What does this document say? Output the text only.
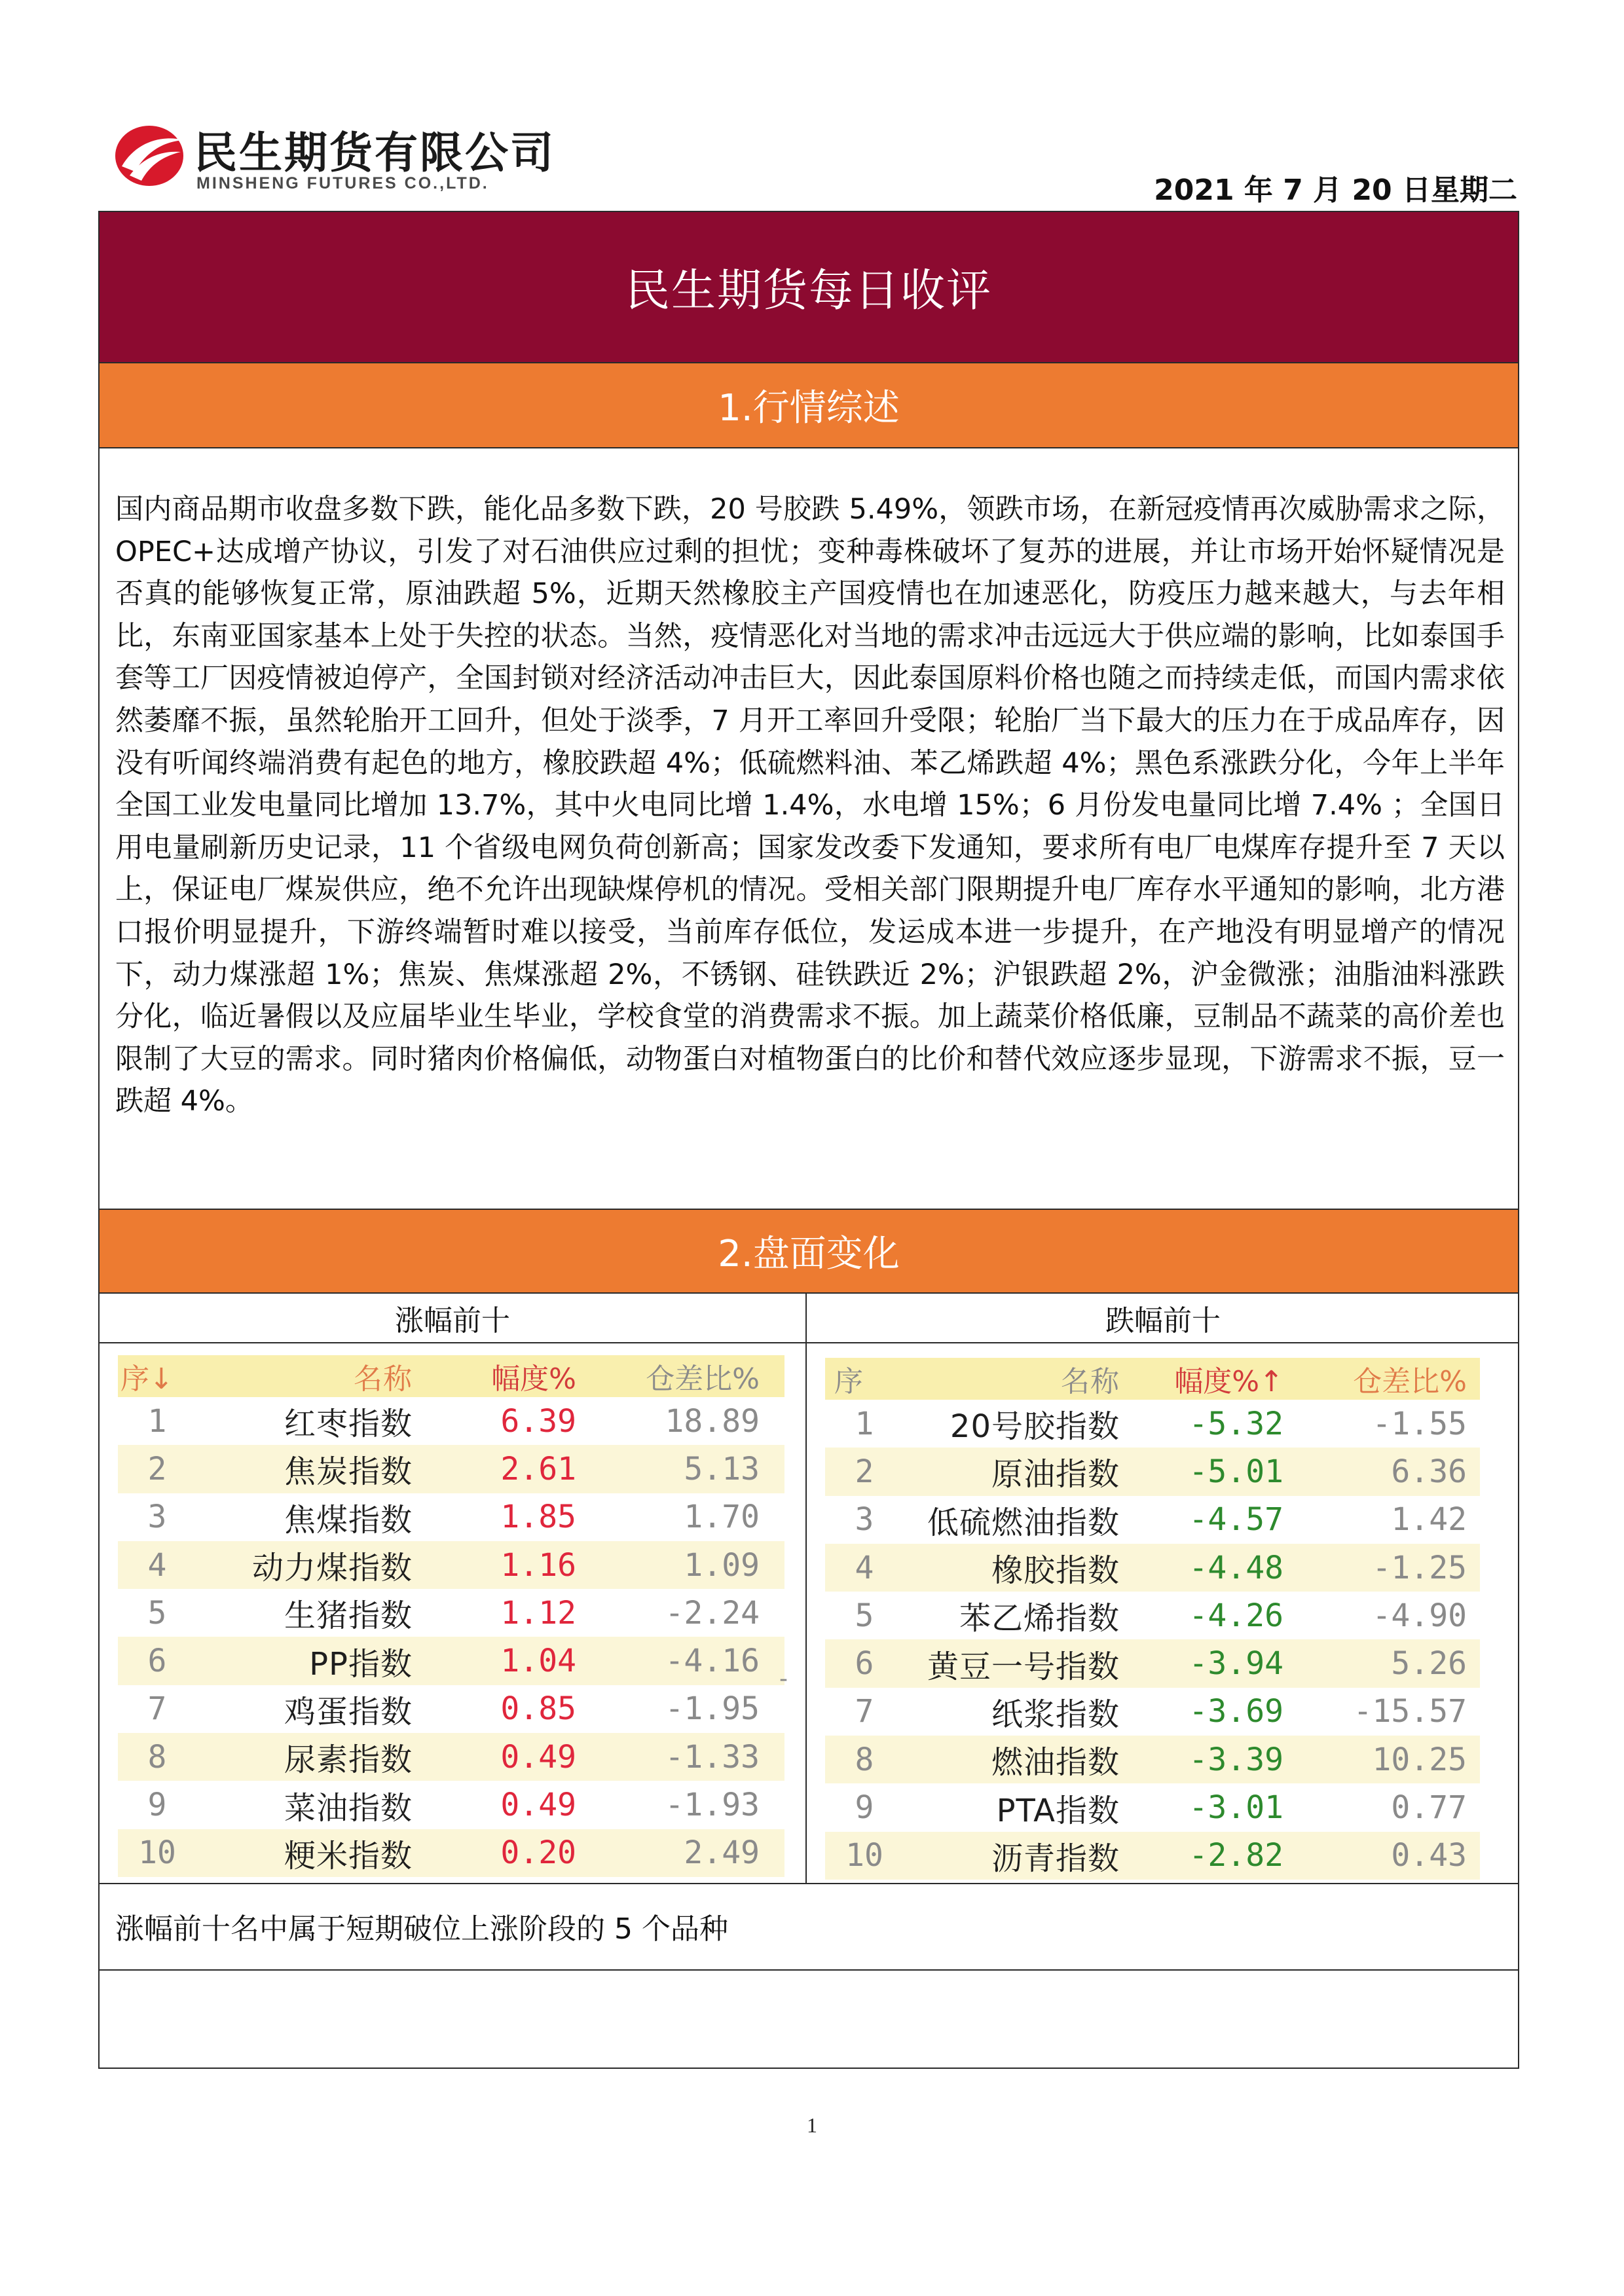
民生期货有限公司
MINSHENG FUTURES CO.,LTD.	2021 年 7 月 20 日星期二
民生期货每日收评
1.行情综述
国内商品期市收盘多数下跌，能化品多数下跌，20 号胶跌 5.49%，领跌市场，在新冠疫情再次威胁需求之际，OPEC+达成增产协议，引发了对石油供应过剩的担忧；变种毒株破坏了复苏的进展，并让市场开始怀疑情况是否真的能够恢复正常，原油跌超 5%，近期天然橡胶主产国疫情也在加速恶化，防疫压力越来越大，与去年相比，东南亚国家基本上处于失控的状态。当然，疫情恶化对当地的需求冲击远远大于供应端的影响，比如泰国手套等工厂因疫情被迫停产，全国封锁对经济活动冲击巨大，因此泰国原料价格也随之而持续走低，而国内需求依然萎靡不振，虽然轮胎开工回升，但处于淡季，7 月开工率回升受限；轮胎厂当下最大的压力在于成品库存，因没有听闻终端消费有起色的地方，橡胶跌超 4%；低硫燃料油、苯乙烯跌超 4%；黑色系涨跌分化，今年上半年全国工业发电量同比增加 13.7%，其中火电同比增 1.4%，水电增 15%；6 月份发电量同比增 7.4% ；全国日用电量刷新历史记录，11 个省级电网负荷创新高；国家发改委下发通知，要求所有电厂电煤库存提升至 7 天以上，保证电厂煤炭供应，绝不允许出现缺煤停机的情况。受相关部门限期提升电厂库存水平通知的影响，北方港口报价明显提升，下游终端暂时难以接受，当前库存低位，发运成本进一步提升，在产地没有明显增产的情况下，动力煤涨超 1%；焦炭、焦煤涨超 2%，不锈钢、硅铁跌近 2%；沪银跌超 2%，沪金微涨；油脂油料涨跌分化，临近暑假以及应届毕业生毕业，学校食堂的消费需求不振。加上蔬菜价格低廉，豆制品不蔬菜的高价差也限制了大豆的需求。同时猪肉价格偏低，动物蛋白对植物蛋白的比价和替代效应逐步显现，下游需求不振，豆一跌超 4%。
2.盘面变化
涨幅前十	跌幅前十
序↓	名称	幅度%	仓差比%
1	红枣指数	6.39	18.89
2	焦炭指数	2.61	5.13
3	焦煤指数	1.85	1.70
4	动力煤指数	1.16	1.09
5	生猪指数	1.12	-2.24
6	PP指数	1.04	-4.16
7	鸡蛋指数	0.85	-1.95
8	尿素指数	0.49	-1.33
9	菜油指数	0.49	-1.93
10	粳米指数	0.20	2.49
-
序	名称	幅度%↑	仓差比%
1	20号胶指数	-5.32	-1.55
2	原油指数	-5.01	6.36
3	低硫燃油指数	-4.57	1.42
4	橡胶指数	-4.48	-1.25
5	苯乙烯指数	-4.26	-4.90
6	黄豆一号指数	-3.94	5.26
7	纸浆指数	-3.69	-15.57
8	燃油指数	-3.39	10.25
9	PTA指数	-3.01	0.77
10	沥青指数	-2.82	0.43
涨幅前十名中属于短期破位上涨阶段的 5 个品种
1
